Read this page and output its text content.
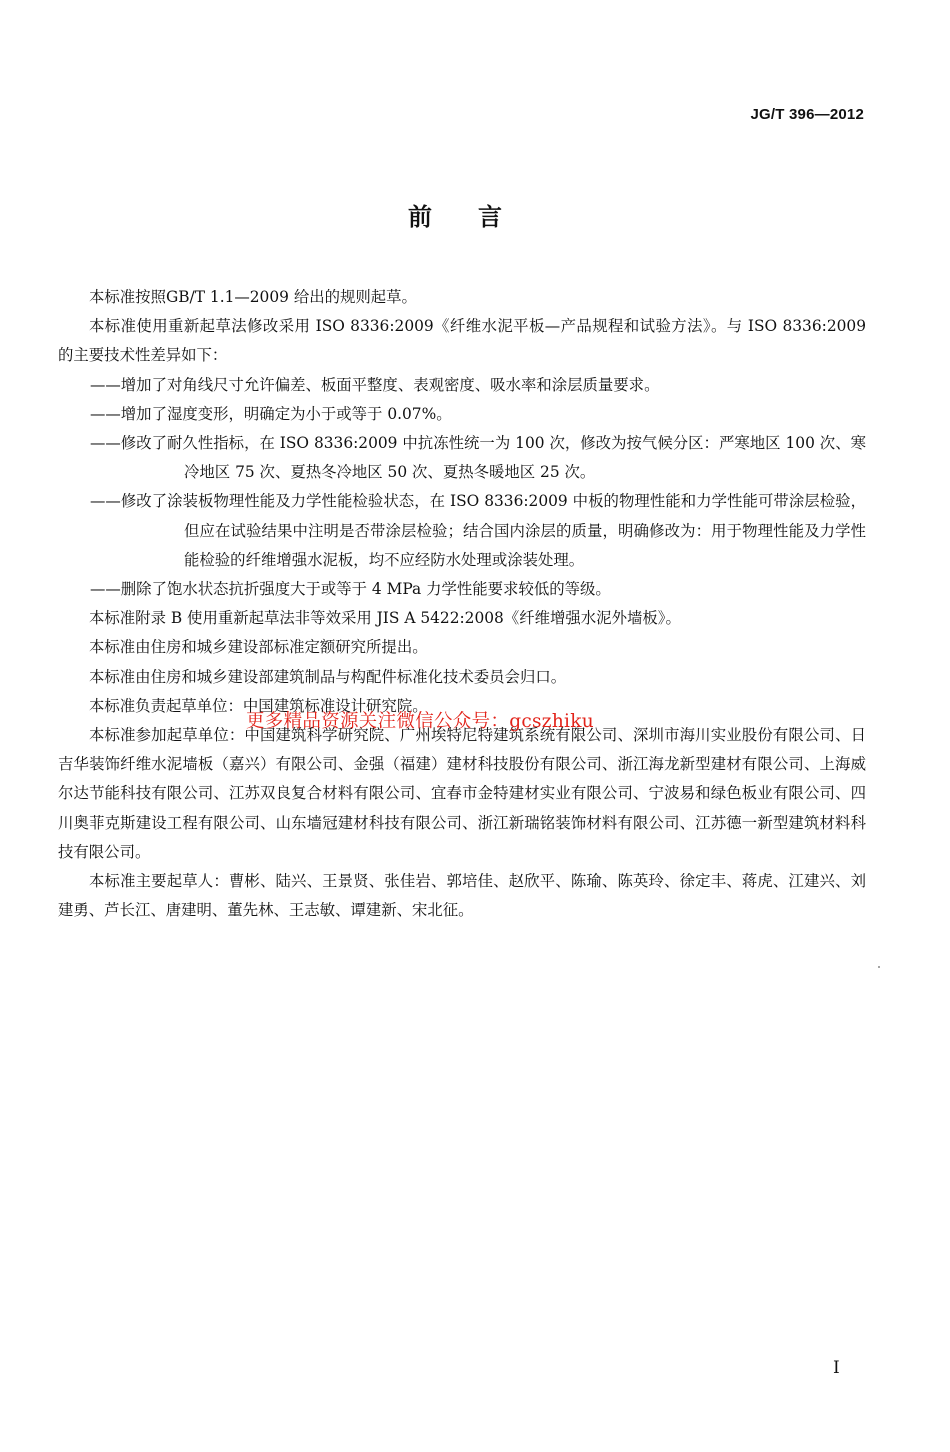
JG/T 396—2012
前言

本标准按照GB/T 1.1—2009 给出的规则起草。

本标准使用重新起草法修改采用 ISO 8336:2009《纤维水泥平板—产品规程和试验方法》。与 ISO 8336:2009 的主要技术性差异如下：

——增加了对角线尺寸允许偏差、板面平整度、表观密度、吸水率和涂层质量要求。

——增加了湿度变形，明确定为小于或等于 0.07%。

——修改了耐久性指标，在 ISO 8336:2009 中抗冻性统一为 100 次，修改为按气候分区：严寒地区 100 次、寒冷地区 75 次、夏热冬冷地区 50 次、夏热冬暖地区 25 次。

——修改了涂装板物理性能及力学性能检验状态，在 ISO 8336:2009 中板的物理性能和力学性能可带涂层检验，但应在试验结果中注明是否带涂层检验；结合国内涂层的质量，明确修改为：用于物理性能及力学性能检验的纤维增强水泥板，均不应经防水处理或涂装处理。

——删除了饱水状态抗折强度大于或等于 4 MPa 力学性能要求较低的等级。

本标准附录 B 使用重新起草法非等效采用 JIS A 5422:2008《纤维增强水泥外墙板》。

本标准由住房和城乡建设部标准定额研究所提出。

本标准由住房和城乡建设部建筑制品与构配件标准化技术委员会归口。

本标准负责起草单位：中国建筑标准设计研究院。

本标准参加起草单位：中国建筑科学研究院、广州埃特尼特建筑系统有限公司、深圳市海川实业股份有限公司、日吉华装饰纤维水泥墙板（嘉兴）有限公司、金强（福建）建材科技股份有限公司、浙江海龙新型建材有限公司、上海威尔达节能科技有限公司、江苏双良复合材料有限公司、宜春市金特建材实业有限公司、宁波易和绿色板业有限公司、四川奥菲克斯建设工程有限公司、山东墙冠建材科技有限公司、浙江新瑞铭装饰材料有限公司、江苏德一新型建筑材料科技有限公司。

本标准主要起草人：曹彬、陆兴、王景贤、张佳岩、郭培佳、赵欣平、陈瑜、陈英玲、徐定丰、蒋虎、江建兴、刘建勇、芦长江、唐建明、董先林、王志敏、谭建新、宋北征。

更多精品资源关注微信公众号：gcszhiku
I
